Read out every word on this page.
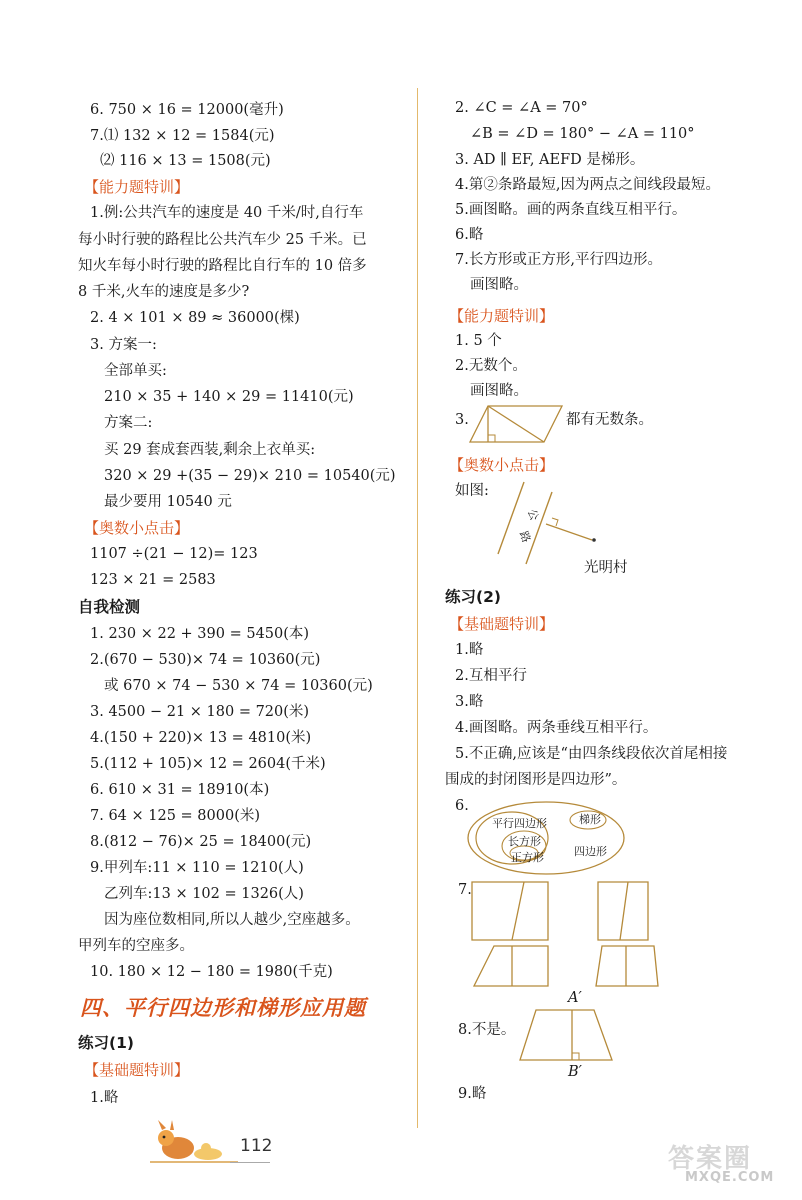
6. 750 × 16 = 12000(毫升)
7.⑴ 132 × 12 = 1584(元)
⑵ 116 × 13 = 1508(元)
【能力题特训】
1.例:公共汽车的速度是 40 千米/时,自行车
每小时行驶的路程比公共汽车少 25 千米。已
知火车每小时行驶的路程比自行车的 10 倍多
8 千米,火车的速度是多少?
2. 4 × 101 × 89 ≈ 36000(棵)
3. 方案一:
全部单买:
210 × 35 + 140 × 29 = 11410(元)
方案二:
买 29 套成套西装,剩余上衣单买:
320 × 29 +(35 − 29)× 210 = 10540(元)
最少要用 10540 元
【奥数小点击】
1107 ÷(21 − 12)= 123
123 × 21 = 2583
自我检测
1. 230 × 22 + 390 = 5450(本)
2.(670 − 530)× 74 = 10360(元)
或 670 × 74 − 530 × 74 = 10360(元)
3. 4500 − 21 × 180 = 720(米)
4.(150 + 220)× 13 = 4810(米)
5.(112 + 105)× 12 = 2604(千米)
6. 610 × 31 = 18910(本)
7. 64 × 125 = 8000(米)
8.(812 − 76)× 25 = 18400(元)
9.甲列车:11 × 110 = 1210(人)
乙列车:13 × 102 = 1326(人)
因为座位数相同,所以人越少,空座越多。
甲列车的空座多。
10. 180 × 12 − 180 = 1980(千克)
四、平行四边形和梯形应用题
练习(1)
【基础题特训】
1.略
2. ∠C = ∠A = 70°
∠B = ∠D = 180° − ∠A = 110°
3. AD ∥ EF, AEFD 是梯形。
4.第②条路最短,因为两点之间线段最短。
5.画图略。画的两条直线互相平行。
6.略
7.长方形或正方形,平行四边形。
画图略。
【能力题特训】
1. 5 个
2.无数个。
画图略。
3.	都有无数条。
【奥数小点击】
如图:
公
路
光明村
练习(2)
【基础题特训】
1.略
2.互相平行
3.略
4.画图略。两条垂线互相平行。
5.不正确,应该是“由四条线段依次首尾相接
围成的封闭图形是四边形”。
6.
平行四边形
长方形
正方形
梯形
四边形
7.
8.不是。
A′
B′
9.略
112	答案圈
MXQE.COM
